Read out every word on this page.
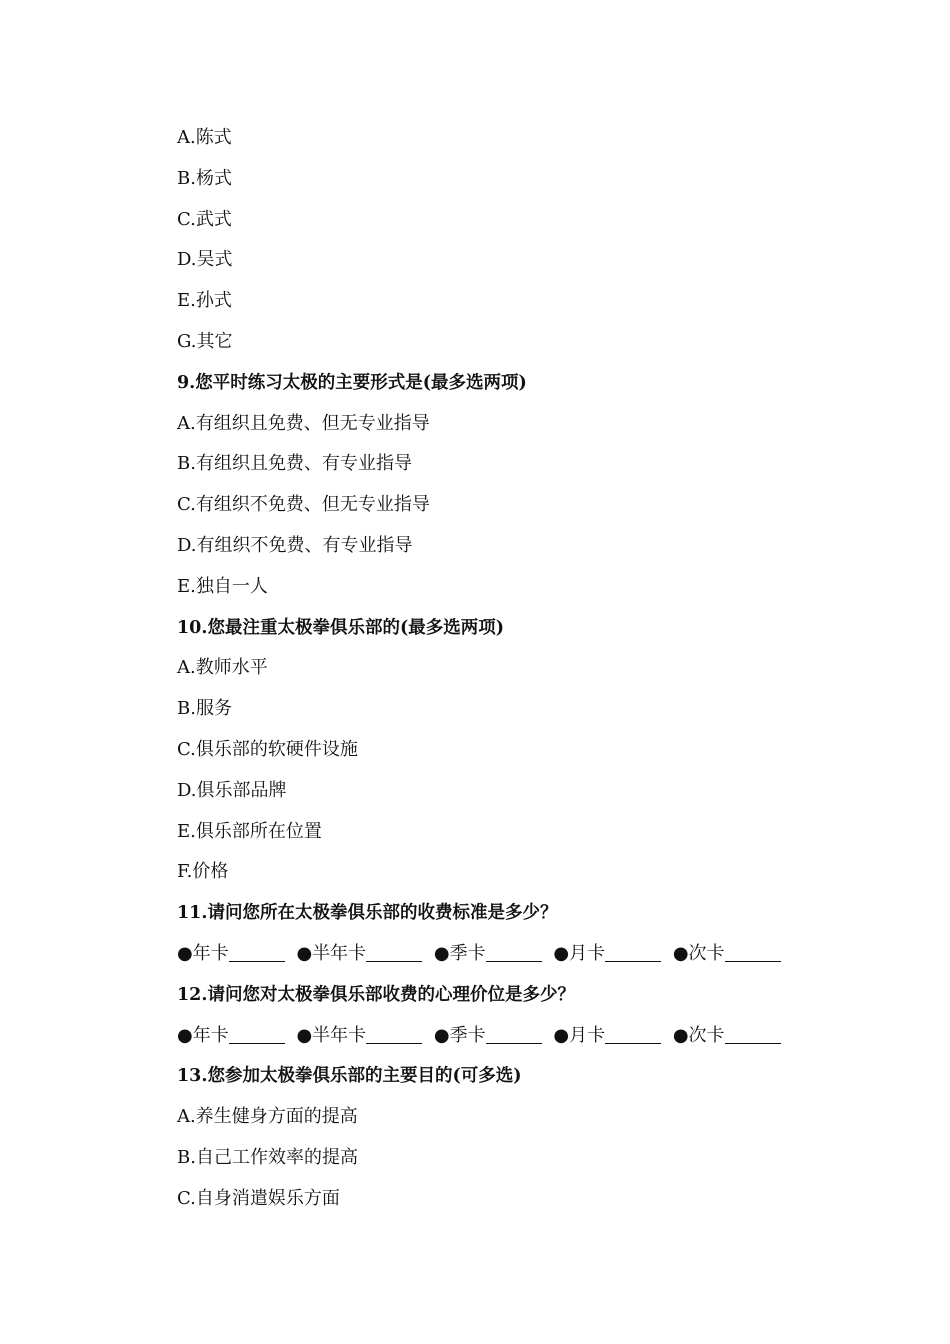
A.陈式
B.杨式
C.武式
D.吴式
E.孙式
G.其它
9.您平时练习太极的主要形式是(最多选两项)
A.有组织且免费、但无专业指导
B.有组织且免费、有专业指导
C.有组织不免费、但无专业指导
D.有组织不免费、有专业指导
E.独自一人
10.您最注重太极拳俱乐部的(最多选两项)
A.教师水平
B.服务
C.俱乐部的软硬件设施
D.俱乐部品牌
E.俱乐部所在位置
F.价格
11.请问您所在太极拳俱乐部的收费标准是多少？
●年卡	●半年卡	●季卡	●月卡	●次卡
12.请问您对太极拳俱乐部收费的心理价位是多少？
●年卡	●半年卡	●季卡	●月卡	●次卡
13.您参加太极拳俱乐部的主要目的(可多选)
A.养生健身方面的提高
B.自己工作效率的提高
C.自身消遣娱乐方面
